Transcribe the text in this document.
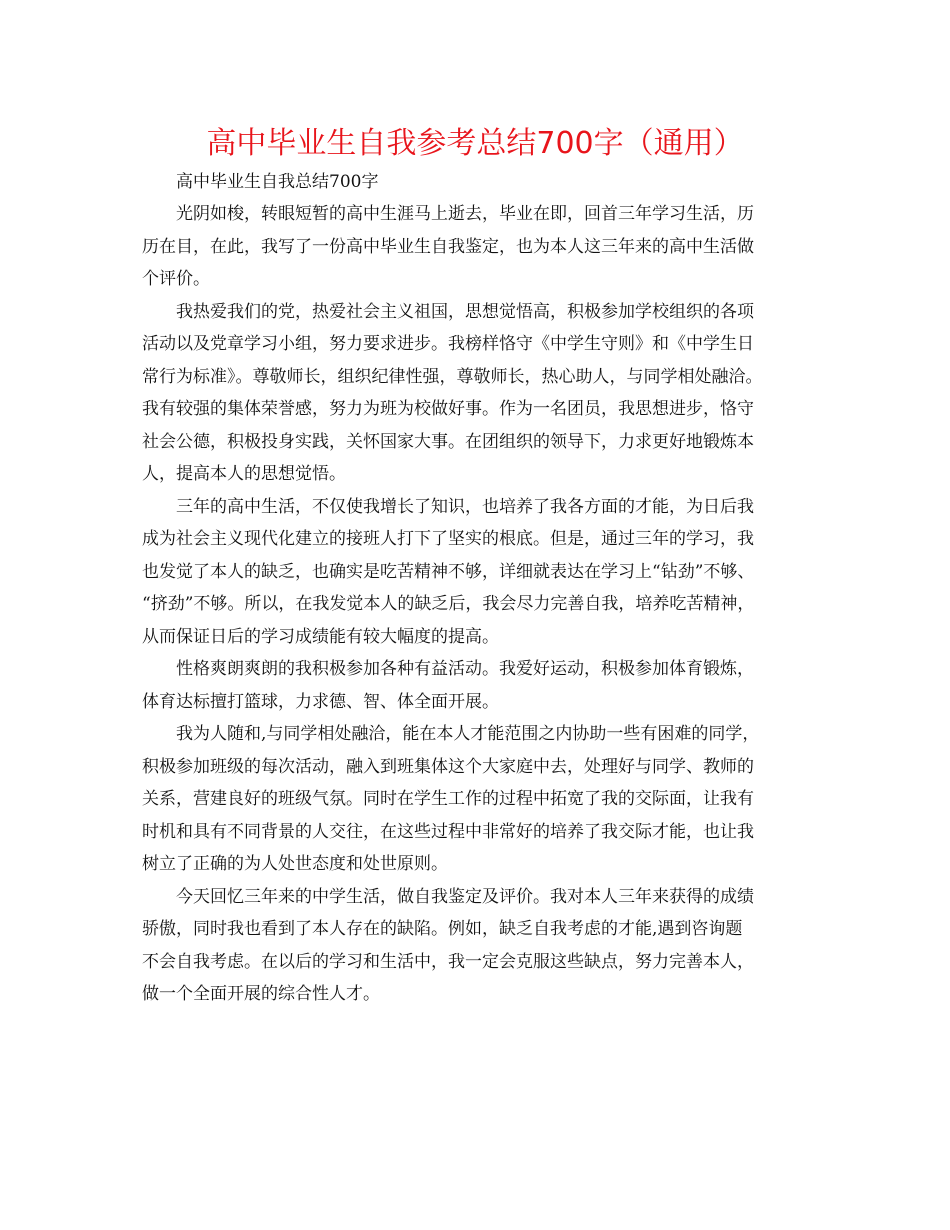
高中毕业生自我参考总结700字（通用）

高中毕业生自我总结700字

光阴如梭，转眼短暂的高中生涯马上逝去，毕业在即，回首三年学习生活，历
历在目，在此，我写了一份高中毕业生自我鉴定，也为本人这三年来的高中生活做
个评价。

我热爱我们的党，热爱社会主义祖国，思想觉悟高，积极参加学校组织的各项
活动以及党章学习小组，努力要求进步。我榜样恪守《中学生守则》和《中学生日
常行为标准》。尊敬师长，组织纪律性强，尊敬师长，热心助人，与同学相处融洽。
我有较强的集体荣誉感，努力为班为校做好事。作为一名团员，我思想进步，恪守
社会公德，积极投身实践，关怀国家大事。在团组织的领导下，力求更好地锻炼本
人，提高本人的思想觉悟。

三年的高中生活，不仅使我增长了知识，也培养了我各方面的才能，为日后我
成为社会主义现代化建立的接班人打下了坚实的根底。但是，通过三年的学习，我
也发觉了本人的缺乏，也确实是吃苦精神不够，详细就表达在学习上“钻劲”不够、
“挤劲”不够。所以，在我发觉本人的缺乏后，我会尽力完善自我，培养吃苦精神，
从而保证日后的学习成绩能有较大幅度的提高。

性格爽朗爽朗的我积极参加各种有益活动。我爱好运动，积极参加体育锻炼，
体育达标擅打篮球，力求德、智、体全面开展。

我为人随和,与同学相处融洽，能在本人才能范围之内协助一些有困难的同学，
积极参加班级的每次活动，融入到班集体这个大家庭中去，处理好与同学、教师的
关系，营建良好的班级气氛。同时在学生工作的过程中拓宽了我的交际面，让我有
时机和具有不同背景的人交往，在这些过程中非常好的培养了我交际才能，也让我
树立了正确的为人处世态度和处世原则。

今天回忆三年来的中学生活，做自我鉴定及评价。我对本人三年来获得的成绩
骄傲，同时我也看到了本人存在的缺陷。例如，缺乏自我考虑的才能,遇到咨询题
不会自我考虑。在以后的学习和生活中，我一定会克服这些缺点，努力完善本人，
做一个全面开展的综合性人才。
